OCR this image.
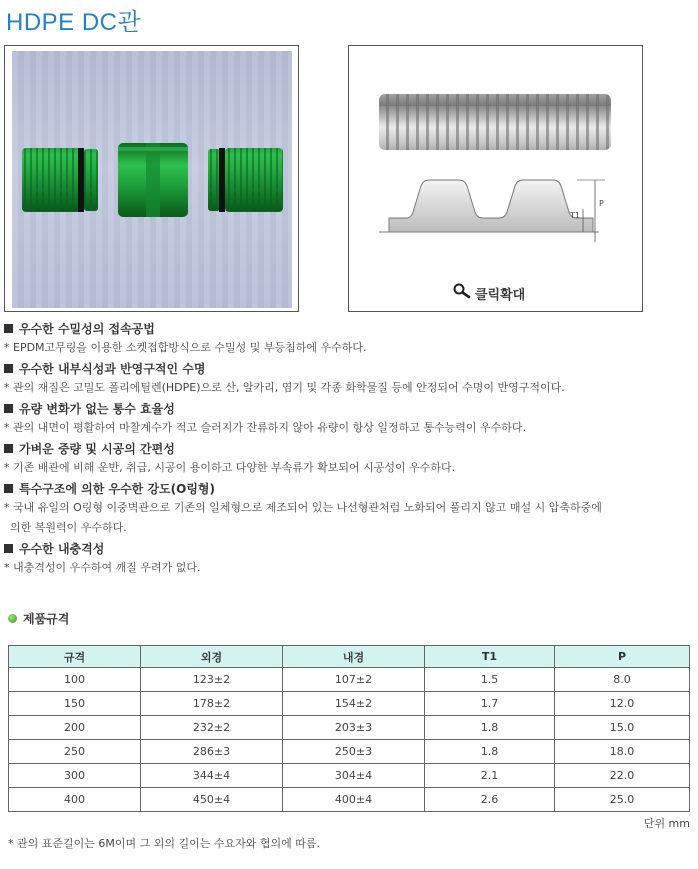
HDPE DC관
T1
P
클릭확대
우수한 수밀성의 접속공법
* EPDM고무링을 이용한 소켓접합방식으로 수밀성 및 부등침하에 우수하다.
우수한 내부식성과 반영구적인 수명
* 관의 재질은 고밀도 폴리에틸렌(HDPE)으로 산, 알카리, 염기 및 각종 화학물질 등에 안정되어 수명이 반영구적이다.
유량 변화가 없는 통수 효율성
* 관의 내면이 평활하여 마찰계수가 적고 슬러지가 잔류하지 않아 유량이 항상 일정하고 통수능력이 우수하다.
가벼운 중량 및 시공의 간편성
* 기존 배관에 비해 운반, 취급, 시공이 용이하고 다양한 부속류가 확보되어 시공성이 우수하다.
특수구조에 의한 우수한 강도(O링형)
* 국내 유일의 O링형 이중벽관으로 기존의 일체형으로 제조되어 있는 나선형관처럼 노화되어 풀리지 않고 매설 시 압축하중에
의한 복원력이 우수하다.
우수한 내충격성
* 내충격성이 우수하여 깨질 우려가 없다.
제품규격
규격	외경	내경	T1	P
100	123±2	107±2	1.5	8.0
150	178±2	154±2	1.7	12.0
200	232±2	203±3	1.8	15.0
250	286±3	250±3	1.8	18.0
300	344±4	304±4	2.1	22.0
400	450±4	400±4	2.6	25.0
단위 mm
* 관의 표준길이는 6M이며 그 외의 길이는 수요자와 협의에 따름.
